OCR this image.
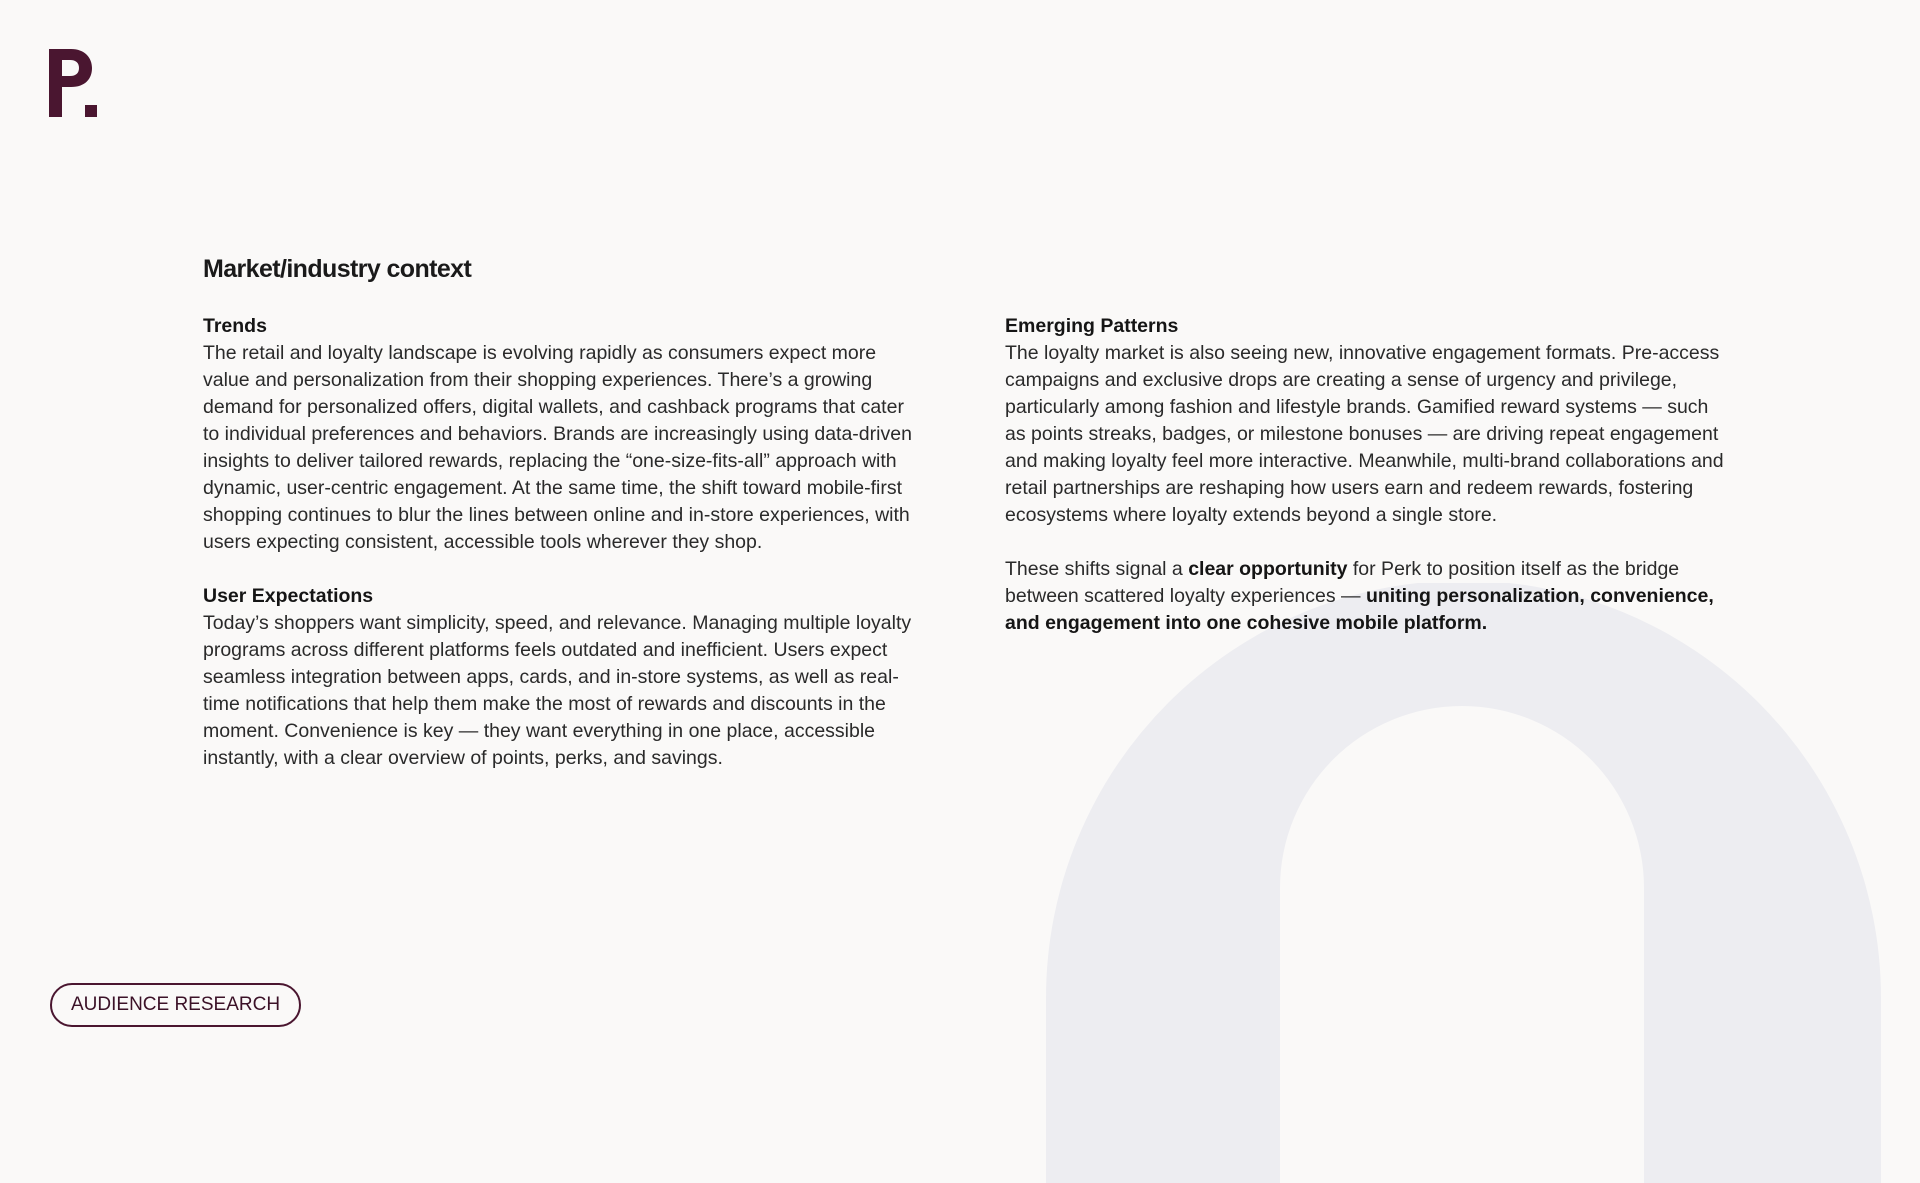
Market/industry context
Trends

The retail and loyalty landscape is evolving rapidly as consumers expect more value and personalization from their shopping experiences. There’s a growing demand for personalized offers, digital wallets, and cashback programs that cater to individual preferences and behaviors. Brands are increasingly using data-driven insights to deliver tailored rewards, replacing the “one-size-fits-all” approach with dynamic, user-centric engagement. At the same time, the shift toward mobile-first shopping continues to blur the lines between online and in-store experiences, with users expecting consistent, accessible tools wherever they shop.

User Expectations

Today’s shoppers want simplicity, speed, and relevance. Managing multiple loyalty programs across different platforms feels outdated and inefficient. Users expect seamless integration between apps, cards, and in-store systems, as well as real-time notifications that help them make the most of rewards and discounts in the moment. Convenience is key — they want everything in one place, accessible instantly, with a clear overview of points, perks, and savings.

Emerging Patterns

The loyalty market is also seeing new, innovative engagement formats. Pre-access campaigns and exclusive drops are creating a sense of urgency and privilege, particularly among fashion and lifestyle brands. Gamified reward systems — such as points streaks, badges, or milestone bonuses — are driving repeat engagement and making loyalty feel more interactive. Meanwhile, multi-brand collaborations and retail partnerships are reshaping how users earn and redeem rewards, fostering ecosystems where loyalty extends beyond a single store.

These shifts signal a clear opportunity for Perk to position itself as the bridge between scattered loyalty experiences — uniting personalization, convenience, and engagement into one cohesive mobile platform.

AUDIENCE RESEARCH
